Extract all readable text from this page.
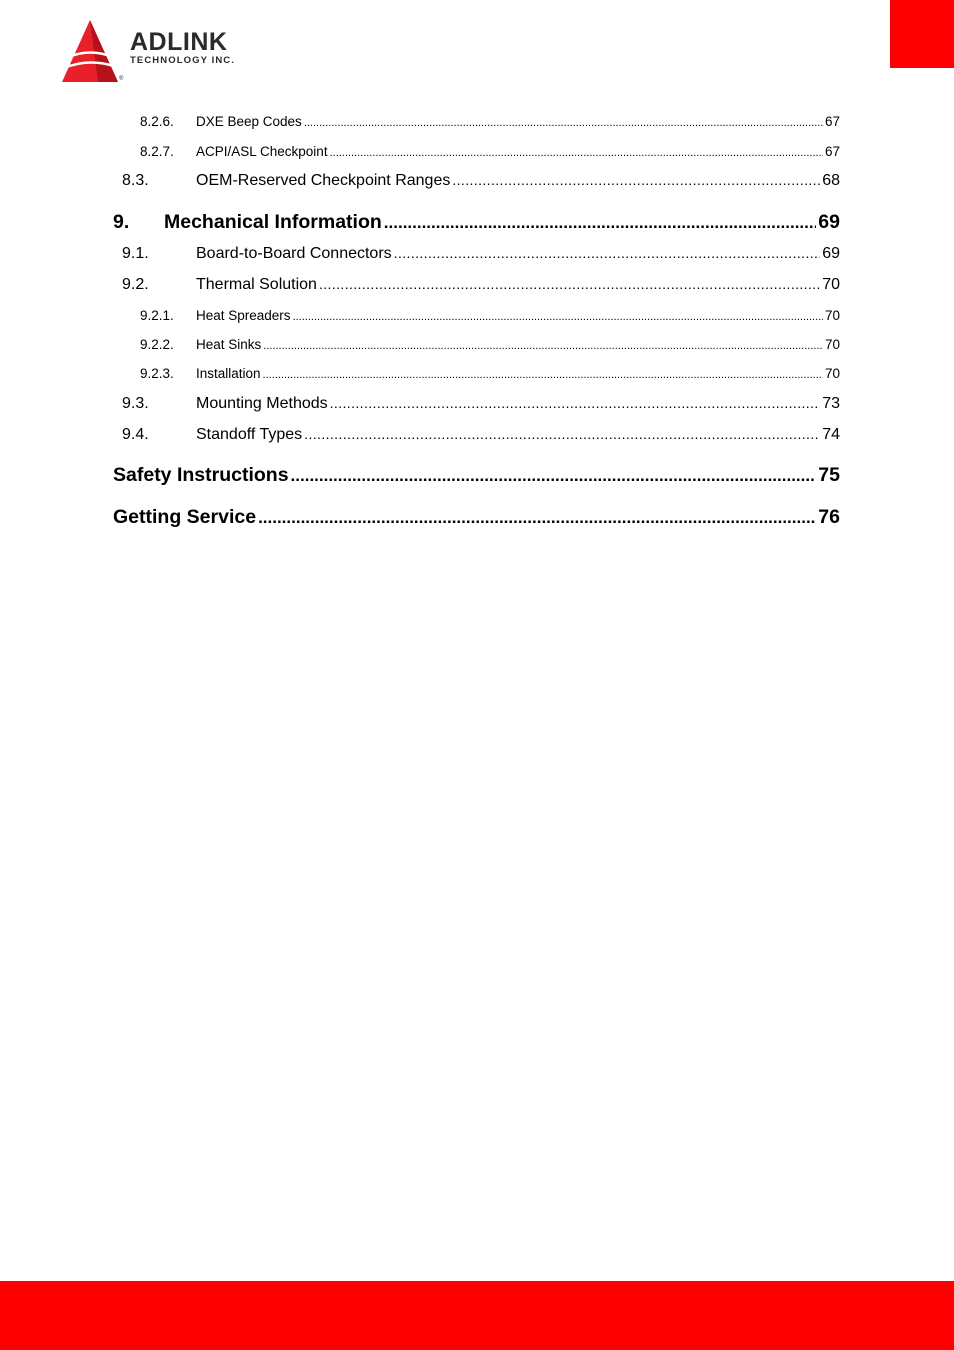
ADLINK
TECHNOLOGY INC.
®
8.2.6. DXE Beep Codes .....	67
8.2.7. ACPI/ASL Checkpoint .....	67
8.3.	OEM-Reserved Checkpoint Ranges .....	68
9. Mechanical Information .....	69
9.1.	Board-to-Board Connectors .....	69
9.2.	Thermal Solution .....	70
9.2.1. Heat Spreaders .....	70
9.2.2. Heat Sinks .....	70
9.2.3. Installation .....	70
9.3.	Mounting Methods .....	73
9.4.	Standoff Types .....	74
Safety Instructions .....	75
Getting Service .....	76
